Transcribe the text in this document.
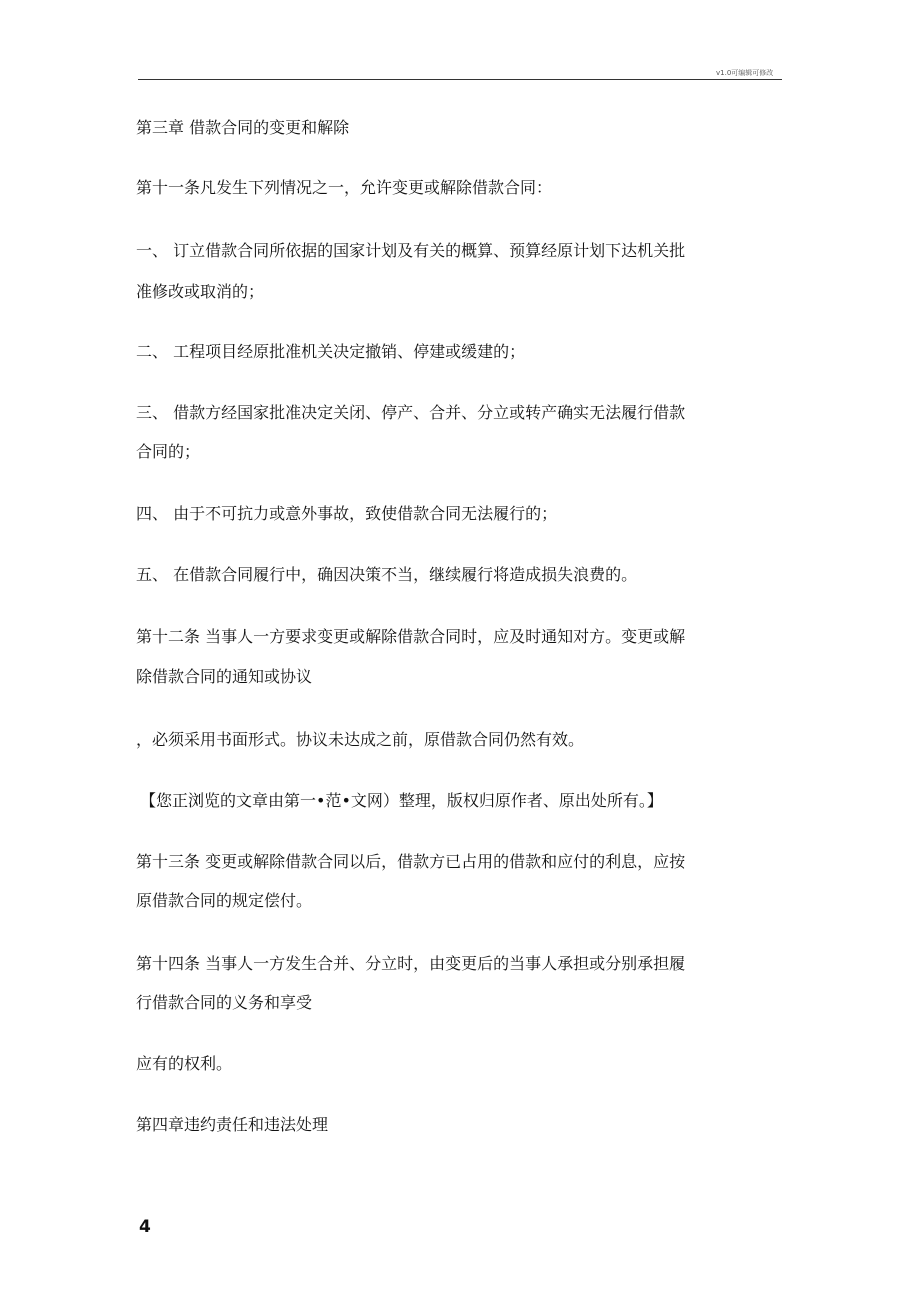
v1.0可编辑可修改
第三章 借款合同的变更和解除
第十一条凡发生下列情况之一，允许变更或解除借款合同：
一、 订立借款合同所依据的国家计划及有关的概算、预算经原计划下达机关批
准修改或取消的；
二、 工程项目经原批准机关决定撤销、停建或缓建的；
三、 借款方经国家批准决定关闭、停产、合并、分立或转产确实无法履行借款
合同的；
四、 由于不可抗力或意外事故，致使借款合同无法履行的；
五、 在借款合同履行中，确因决策不当，继续履行将造成损失浪费的。
第十二条 当事人一方要求变更或解除借款合同时，应及时通知对方。变更或解
除借款合同的通知或协议
，必须采用书面形式。协议未达成之前，原借款合同仍然有效。
【您正浏览的文章由第一•范•文网）整理，版权归原作者、原出处所有。】
第十三条 变更或解除借款合同以后，借款方已占用的借款和应付的利息，应按
原借款合同的规定偿付。
第十四条 当事人一方发生合并、分立时，由变更后的当事人承担或分别承担履
行借款合同的义务和享受
应有的权利。
第四章违约责任和违法处理
4
